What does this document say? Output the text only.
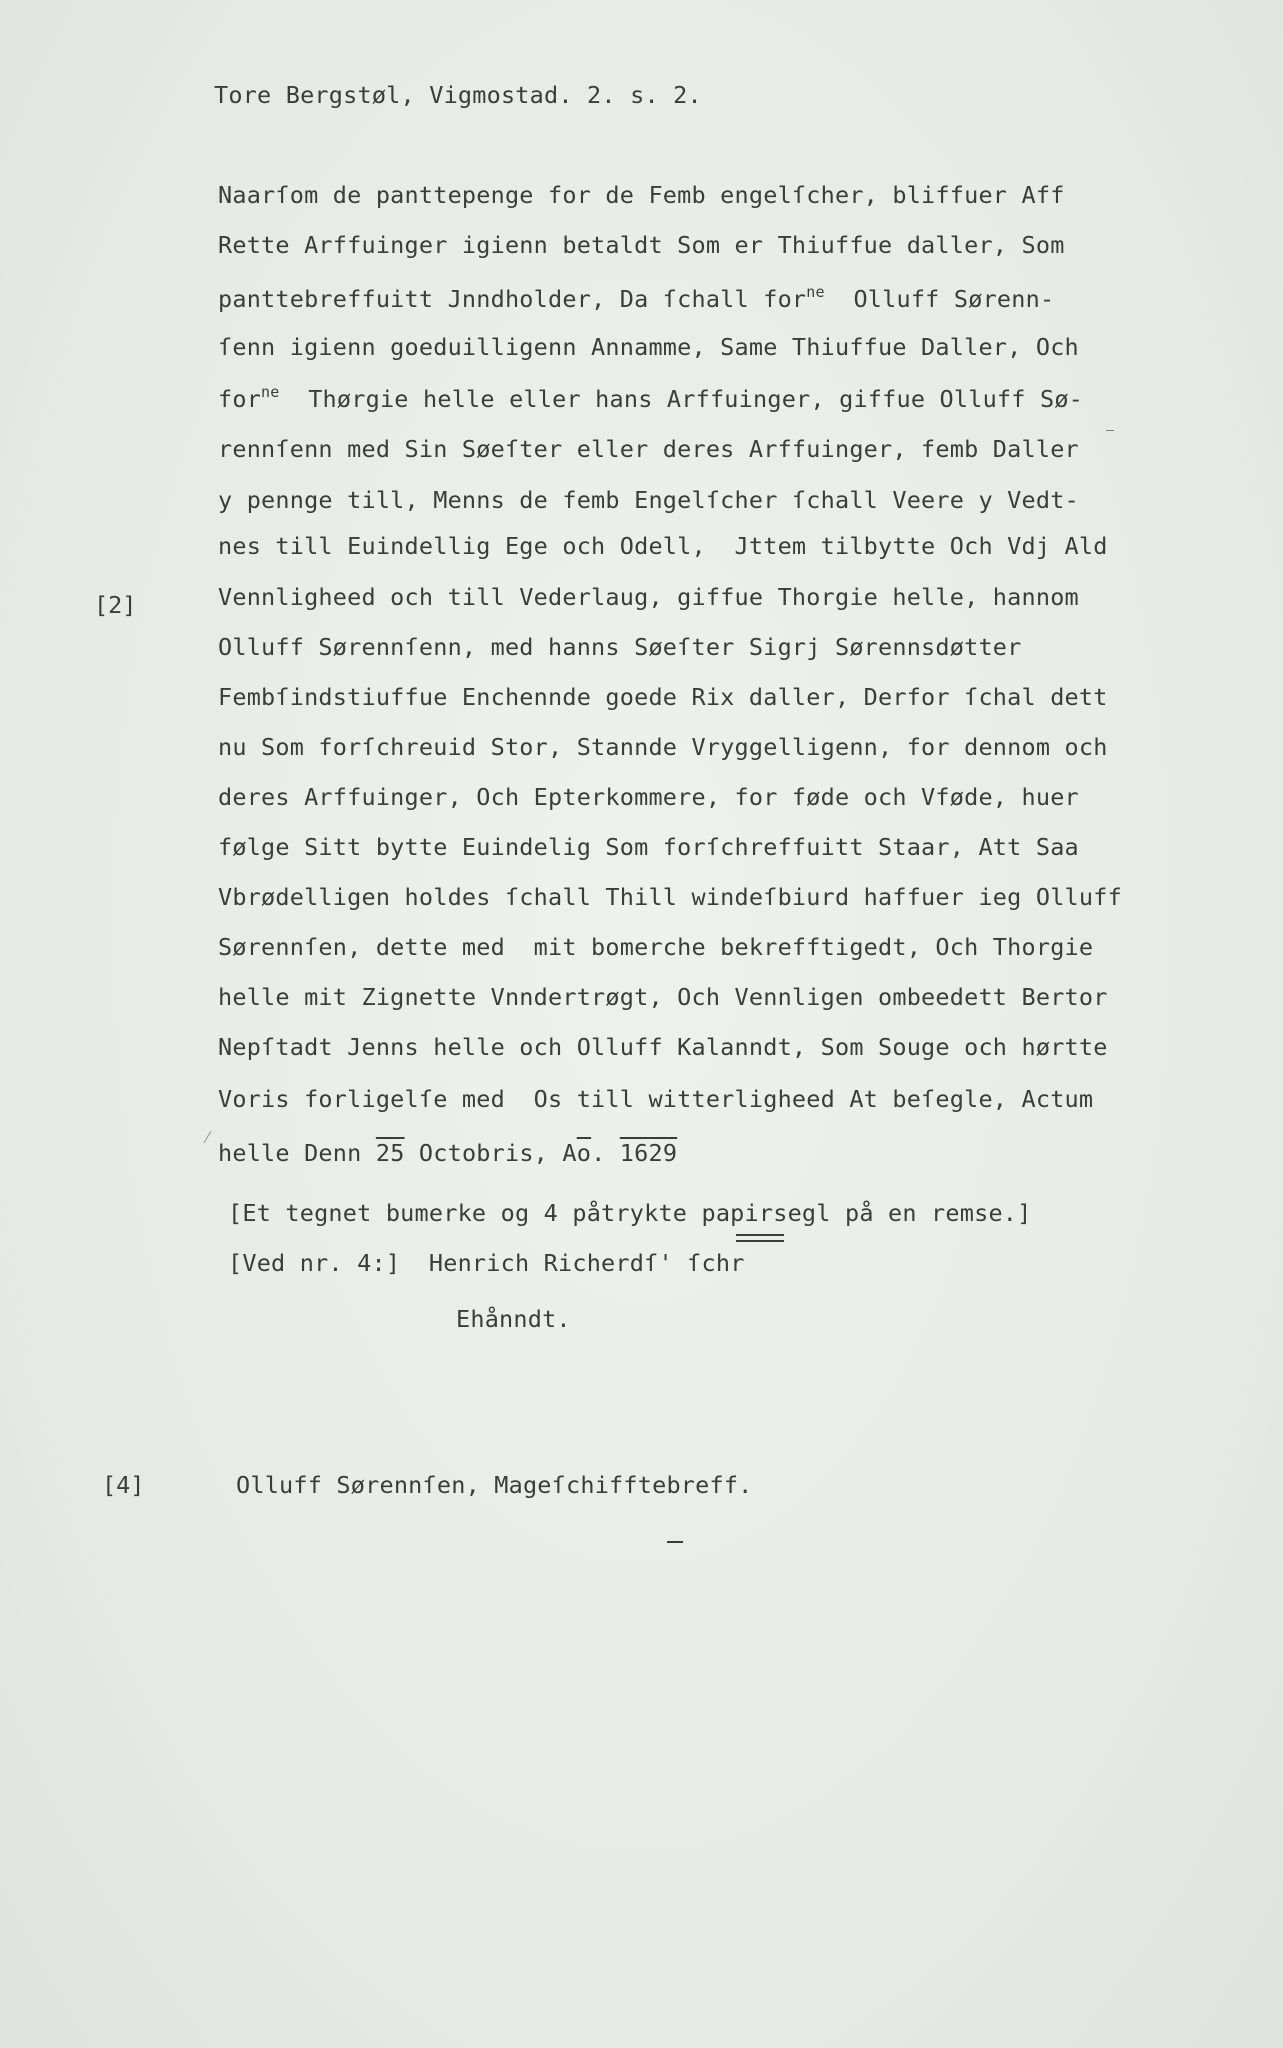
Tore Bergstøl, Vigmostad. 2. s. 2.
Naarſom de panttepenge for de Femb engelſcher, bliffuer Aff
Rette Arffuinger igienn betaldt Som er Thiuffue daller, Som
panttebreffuitt Jnndholder, Da ſchall for$^{ne}$  Olluff Sørenn-
ſenn igienn goeduilligenn Annamme, Same Thiuffue Daller, Och
for$^{ne}$  Thørgie helle eller hans Arffuinger, giffue Olluff Sø-
rennſenn med Sin Søeſter eller deres Arffuinger, femb Daller
y pennge till, Menns de femb Engelſcher ſchall Veere y Vedt-
nes till Euindellig Ege och Odell,  Jttem tilbytte Och Vdj Ald
Vennligheed och till Vederlaug, giffue Thorgie helle, hannom
Olluff Sørennſenn, med hanns Søeſter Sigrj Sørennsdøtter
Fembſindstiuffue Enchennde goede Rix daller, Derfor ſchal dett
nu Som forſchreuid Stor, Stannde Vryggelligenn, for dennom och
deres Arffuinger, Och Epterkommere, for føde och Vføde, huer
følge Sitt bytte Euindelig Som forſchreffuitt Staar, Att Saa
Vbrødelligen holdes ſchall Thill windeſbiurd haffuer ieg Olluff
Sørennſen, dette med  mit bomerche bekrefftigedt, Och Thorgie
helle mit Zignette Vnndertrøgt, Och Vennligen ombeedett Bertor
Nepſtadt Jenns helle och Olluff Kalanndt, Som Souge och hørtte
Voris forligelſe med  Os till witterligheed At beſegle, Actum
helle Denn 25 Octobris, $A\overline{o}$. 1629
[Et tegnet bumerke og 4 påtrykte papirsegl på en remse.]
[Ved nr. 4:]  Henrich Richerdſ' ſchr
Ehånndt.
[2]
[4]	Olluff Sørennſen, Mageſchifftebreff.
